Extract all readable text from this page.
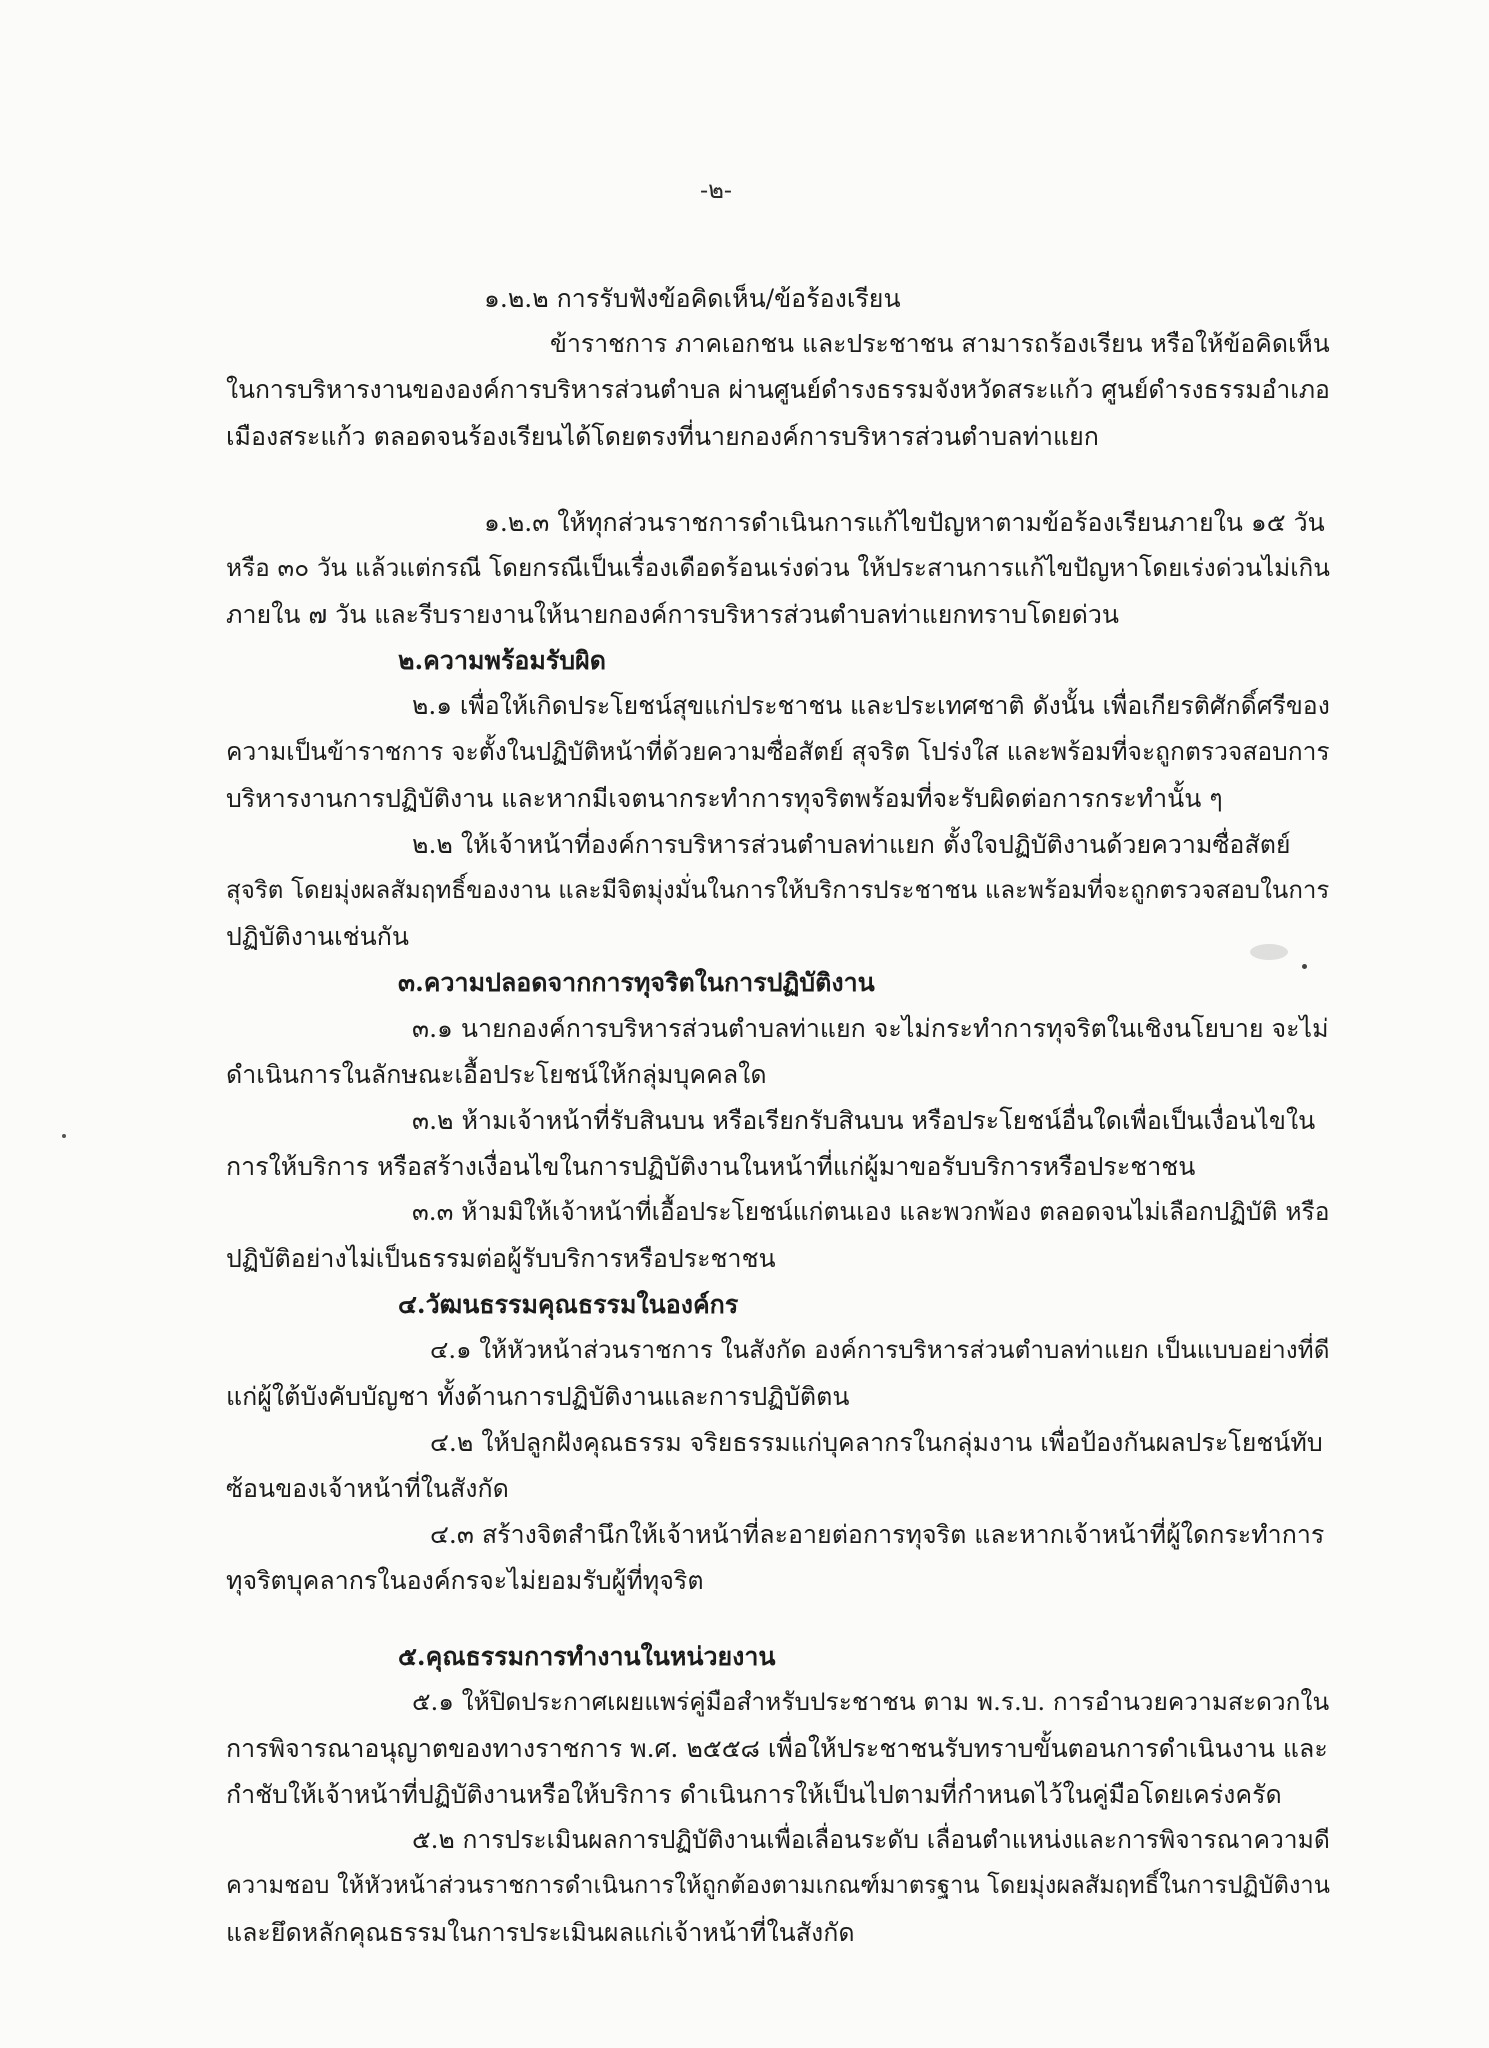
-๒-
๑.๒.๒ การรับฟังข้อคิดเห็น/ข้อร้องเรียน
ข้าราชการ ภาคเอกชน และประชาชน สามารถร้องเรียน หรือให้ข้อคิดเห็น
ในการบริหารงานขององค์การบริหารส่วนตำบล ผ่านศูนย์ดำรงธรรมจังหวัดสระแก้ว ศูนย์ดำรงธรรมอำเภอ
เมืองสระแก้ว ตลอดจนร้องเรียนได้โดยตรงที่นายกองค์การบริหารส่วนตำบลท่าแยก
๑.๒.๓ ให้ทุกส่วนราชการดำเนินการแก้ไขปัญหาตามข้อร้องเรียนภายใน ๑๕ วัน
หรือ ๓๐ วัน แล้วแต่กรณี โดยกรณีเป็นเรื่องเดือดร้อนเร่งด่วน ให้ประสานการแก้ไขปัญหาโดยเร่งด่วนไม่เกิน
ภายใน ๗ วัน และรีบรายงานให้นายกองค์การบริหารส่วนตำบลท่าแยกทราบโดยด่วน
๒.ความพร้อมรับผิด
๒.๑ เพื่อให้เกิดประโยชน์สุขแก่ประชาชน และประเทศชาติ ดังนั้น เพื่อเกียรติศักดิ์ศรีของ
ความเป็นข้าราชการ จะตั้งในปฏิบัติหน้าที่ด้วยความซื่อสัตย์ สุจริต โปร่งใส และพร้อมที่จะถูกตรวจสอบการ
บริหารงานการปฏิบัติงาน และหากมีเจตนากระทำการทุจริตพร้อมที่จะรับผิดต่อการกระทำนั้น ๆ
๒.๒ ให้เจ้าหน้าที่องค์การบริหารส่วนตำบลท่าแยก ตั้งใจปฏิบัติงานด้วยความซื่อสัตย์
สุจริต โดยมุ่งผลสัมฤทธิ์ของงาน และมีจิตมุ่งมั่นในการให้บริการประชาชน และพร้อมที่จะถูกตรวจสอบในการ
ปฏิบัติงานเช่นกัน
๓.ความปลอดจากการทุจริตในการปฏิบัติงาน
๓.๑ นายกองค์การบริหารส่วนตำบลท่าแยก จะไม่กระทำการทุจริตในเชิงนโยบาย จะไม่
ดำเนินการในลักษณะเอื้อประโยชน์ให้กลุ่มบุคคลใด
๓.๒ ห้ามเจ้าหน้าที่รับสินบน หรือเรียกรับสินบน หรือประโยชน์อื่นใดเพื่อเป็นเงื่อนไขใน
การให้บริการ หรือสร้างเงื่อนไขในการปฏิบัติงานในหน้าที่แก่ผู้มาขอรับบริการหรือประชาชน
๓.๓ ห้ามมิให้เจ้าหน้าที่เอื้อประโยชน์แก่ตนเอง และพวกพ้อง ตลอดจนไม่เลือกปฏิบัติ หรือ
ปฏิบัติอย่างไม่เป็นธรรมต่อผู้รับบริการหรือประชาชน
๔.วัฒนธรรมคุณธรรมในองค์กร
๔.๑ ให้หัวหน้าส่วนราชการ ในสังกัด องค์การบริหารส่วนตำบลท่าแยก เป็นแบบอย่างที่ดี
แก่ผู้ใต้บังคับบัญชา ทั้งด้านการปฏิบัติงานและการปฏิบัติตน
๔.๒ ให้ปลูกฝังคุณธรรม จริยธรรมแก่บุคลากรในกลุ่มงาน เพื่อป้องกันผลประโยชน์ทับ
ซ้อนของเจ้าหน้าที่ในสังกัด
๔.๓ สร้างจิตสำนึกให้เจ้าหน้าที่ละอายต่อการทุจริต และหากเจ้าหน้าที่ผู้ใดกระทำการ
ทุจริตบุคลากรในองค์กรจะไม่ยอมรับผู้ที่ทุจริต
๕.คุณธรรมการทำงานในหน่วยงาน
๕.๑ ให้ปิดประกาศเผยแพร่คู่มือสำหรับประชาชน ตาม พ.ร.บ. การอำนวยความสะดวกใน
การพิจารณาอนุญาตของทางราชการ พ.ศ. ๒๕๕๘ เพื่อให้ประชาชนรับทราบขั้นตอนการดำเนินงาน และ
กำชับให้เจ้าหน้าที่ปฏิบัติงานหรือให้บริการ ดำเนินการให้เป็นไปตามที่กำหนดไว้ในคู่มือโดยเคร่งครัด
๕.๒ การประเมินผลการปฏิบัติงานเพื่อเลื่อนระดับ เลื่อนตำแหน่งและการพิจารณาความดี
ความชอบ ให้หัวหน้าส่วนราชการดำเนินการให้ถูกต้องตามเกณฑ์มาตรฐาน โดยมุ่งผลสัมฤทธิ์ในการปฏิบัติงาน
และยึดหลักคุณธรรมในการประเมินผลแก่เจ้าหน้าที่ในสังกัด
